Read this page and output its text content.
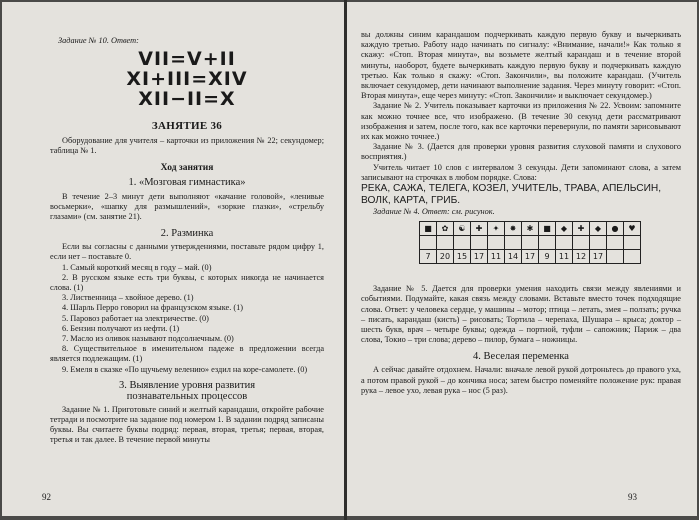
Задание № 10. Ответ:

VII=V+II

XI+III=XIV

XII−II=X

ЗАНЯТИЕ 36

Оборудование для учителя – карточки из приложения № 22; секундомер; таблица № 1.

Ход занятия
1. «Мозговая гимнастика»

В течение 2–3 минут дети выполняют «качание головой», «ленивые восьмерки», «шапку для размышлений», «зоркие глазки», «стрельбу глазами» (см. занятие 21).

2. Разминка

Если вы согласны с данными утверждениями, поставьте рядом цифру 1, если нет – поставьте 0.

1. Самый короткий месяц в году – май. (0)

2. В русском языке есть три буквы, с которых никогда не начинается слова. (1)

3. Лиственница – хвойное дерево. (1)

4. Шарль Перро говорил на французском языке. (1)

5. Паровоз работает на электричестве. (0)

6. Бензин получают из нефти. (1)

7. Масло из оливок называют подсолнечным. (0)

8. Существительное в именительном падеже в предложении всегда является подлежащим. (1)

9. Емеля в сказке «По щучьему велению» ездил на коре-самолете. (0)

3. Выявление уровня развития
познавательных процессов

Задание № 1. Приготовьте синий и желтый карандаши, откройте рабочие тетради и посмотрите на задание под номером 1. В задании подряд записаны буквы. Вы считаете буквы подряд: первая, вторая, третья; первая, вторая, третья и так далее. В течение первой минуты

92

вы должны синим карандашом подчеркивать каждую первую букву и вычеркивать каждую третью. Работу надо начинать по сигналу: «Внимание, начали!» Как только я скажу: «Стоп. Вторая минута», вы возьмете желтый карандаш и в течение второй минуты, наоборот, будете вычеркивать каждую первую букву и подчеркивать каждую третью. Как только я скажу: «Стоп. Закончили», вы положите карандаш. (Учитель включает секундомер, дети начинают выполнение задания. Через минуту говорит: «Стоп. Вторая минута», еще через минуту: «Стоп. Закончили» и выключает секундомер.)

Задание № 2. Учитель показывает карточки из приложения № 22. Усвоим: запомните как можно точнее все, что изображено. (В течение 30 секунд дети рассматривают изображения и затем, после того, как все карточки перевернули, по памяти зарисовывают их как можно точнее.)

Задание № 3. (Дается для проверки уровня развития слуховой памяти и слухового восприятия.)

Учитель читает 10 слов с интервалом 3 секунды. Дети запоминают слова, а затем записывают на строчках в любом порядке. Слова:

РЕКА, САЖА, ТЕЛЕГА, КОЗЕЛ, УЧИТЕЛЬ, ТРАВА, АПЕЛЬСИН,

ВОЛК, КАРТА, ГРИБ.

Задание № 4. Ответ: см. рисунок.

■	✿	☯	✚	✦	✸	✱	■	◆	✚	◆	●	♥

7	20	15	17	11	14	17	9	11	12	17		

Задание № 5. Дается для проверки умения находить связи между явлениями и событиями. Подумайте, какая связь между словами. Вставьте вместо точек подходящие слова. Ответ: у человека сердце, у машины – мотор; птица – летать, змея – ползать; ручка – писать, карандаш (кисть) – рисовать; Тортила – черепаха, Шушара – крыса; доктор – шесть букв, врач – четыре буквы; одежда – портной, туфли – сапожник; Париж – два слова, Токио – три слова; дерево – пилор, бумага – ножницы.

4. Веселая переменка

А сейчас давайте отдохнем. Начали: вначале левой рукой дотроньтесь до правого уха, а потом правой рукой – до кончика носа; затем быстро поменяйте положение рук: правая рука – левое ухо, левая рука – нос (5 раз).

93
